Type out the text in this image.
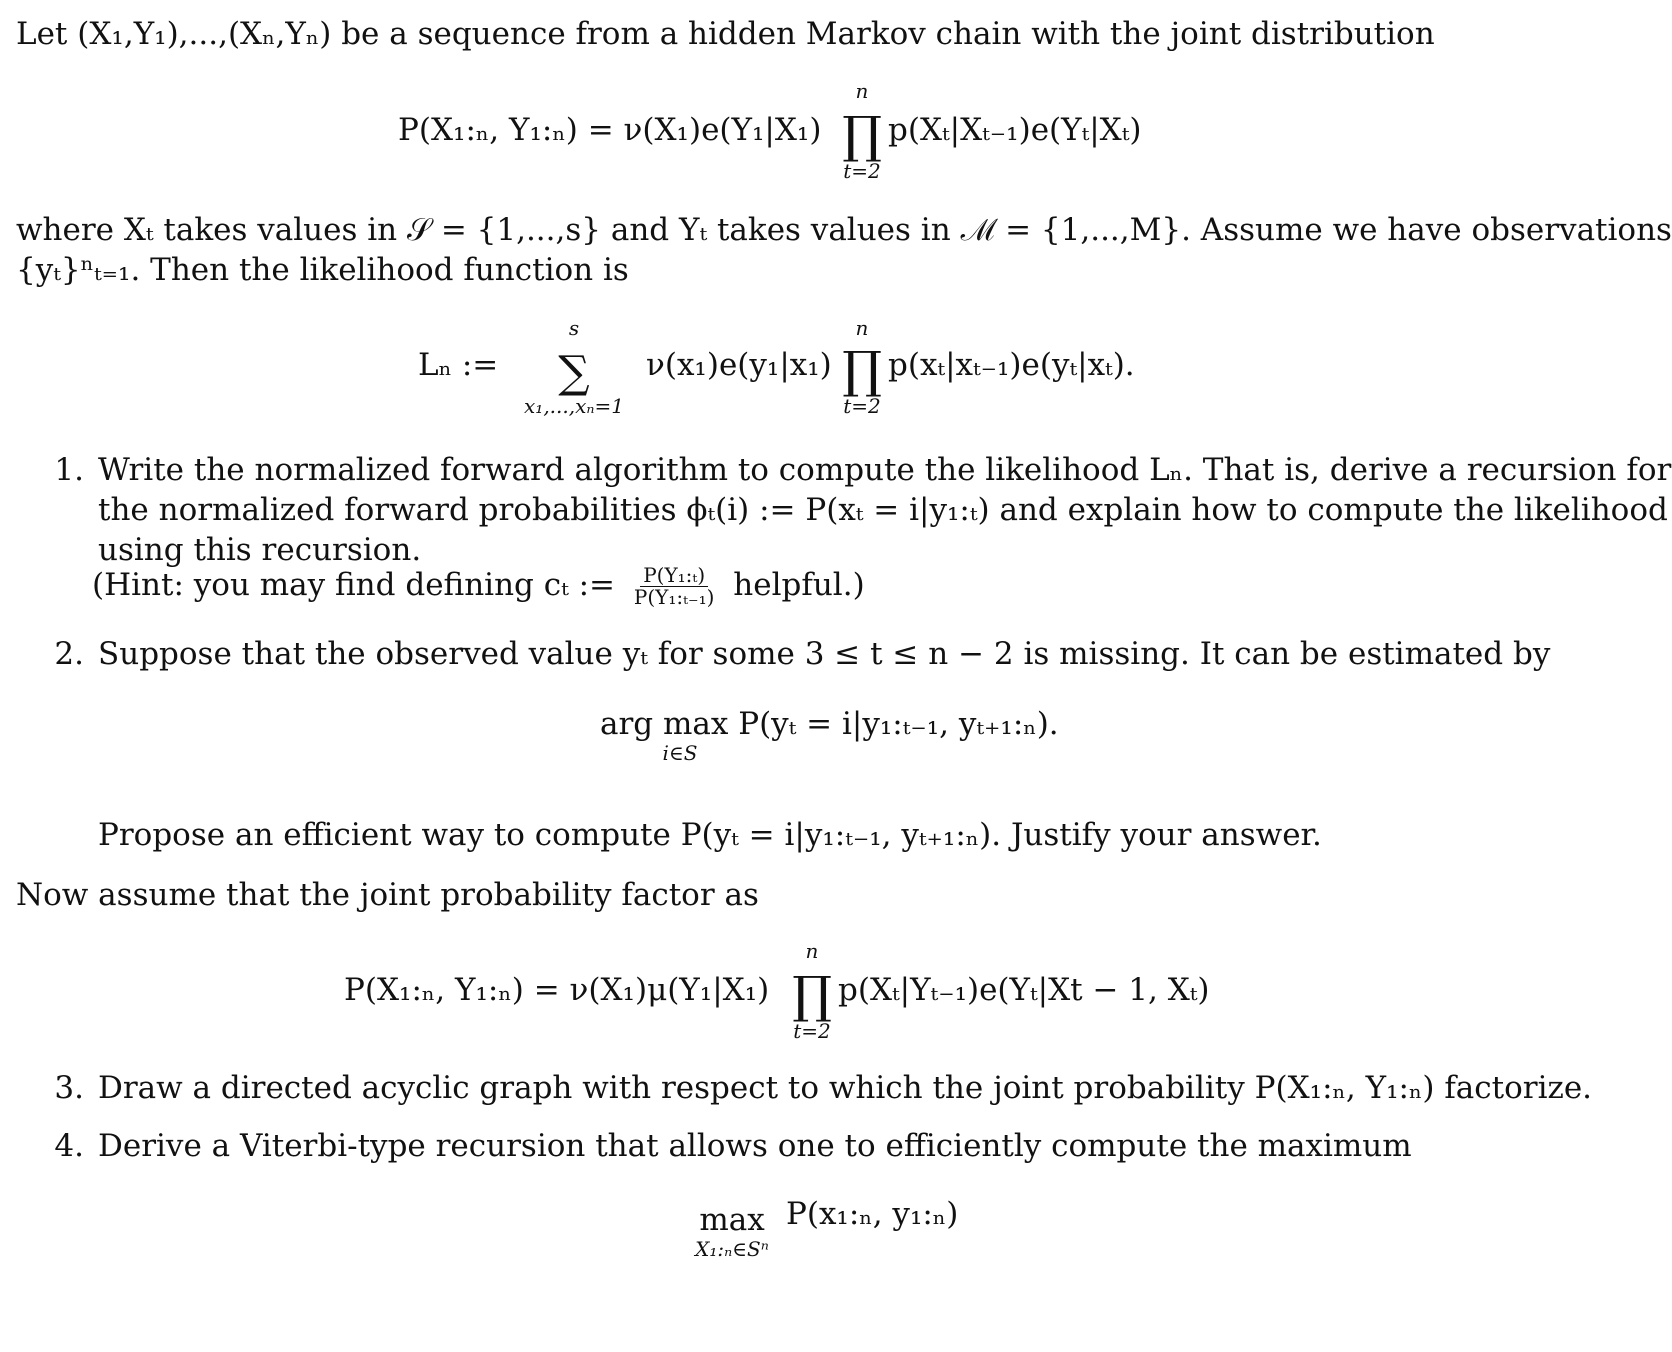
Let (X₁,Y₁),...,(Xₙ,Yₙ) be a sequence from a hidden Markov chain with the joint distribution
P(X₁:ₙ, Y₁:ₙ) = ν(X₁)e(Y₁|X₁)
n
∏
t=2
p(Xₜ|Xₜ₋₁)e(Yₜ|Xₜ)
where Xₜ takes values in 𝒮 = {1,...,s} and Yₜ takes values in ℳ = {1,...,M}. Assume we have observations
{yₜ}ⁿₜ₌₁. Then the likelihood function is
Lₙ :=
s
∑
x₁,...,xₙ=1
ν(x₁)e(y₁|x₁)
n
∏
t=2
p(xₜ|xₜ₋₁)e(yₜ|xₜ).
1. Write the normalized forward algorithm to compute the likelihood Lₙ. That is, derive a recursion for
the normalized forward probabilities ϕₜ(i) := P(xₜ = i|y₁:ₜ) and explain how to compute the likelihood
using this recursion.
(Hint: you may find defining cₜ := $\frac{\text{P(Y₁:ₜ)}}{\text{P(Y₁:ₜ₋₁)}}$ helpful.)
2. Suppose that the observed value yₜ for some 3 ≤ t ≤ n − 2 is missing. It can be estimated by
arg max P(yₜ = i|y₁:ₜ₋₁, yₜ₊₁:ₙ).
i∈S
Propose an efficient way to compute P(yₜ = i|y₁:ₜ₋₁, yₜ₊₁:ₙ). Justify your answer.
Now assume that the joint probability factor as
P(X₁:ₙ, Y₁:ₙ) = ν(X₁)μ(Y₁|X₁)
n
∏
t=2
p(Xₜ|Yₜ₋₁)e(Yₜ|Xt − 1, Xₜ)
3. Draw a directed acyclic graph with respect to which the joint probability P(X₁:ₙ, Y₁:ₙ) factorize.
4. Derive a Viterbi-type recursion that allows one to efficiently compute the maximum
max
X₁:ₙ∈Sⁿ
P(x₁:ₙ, y₁:ₙ)
